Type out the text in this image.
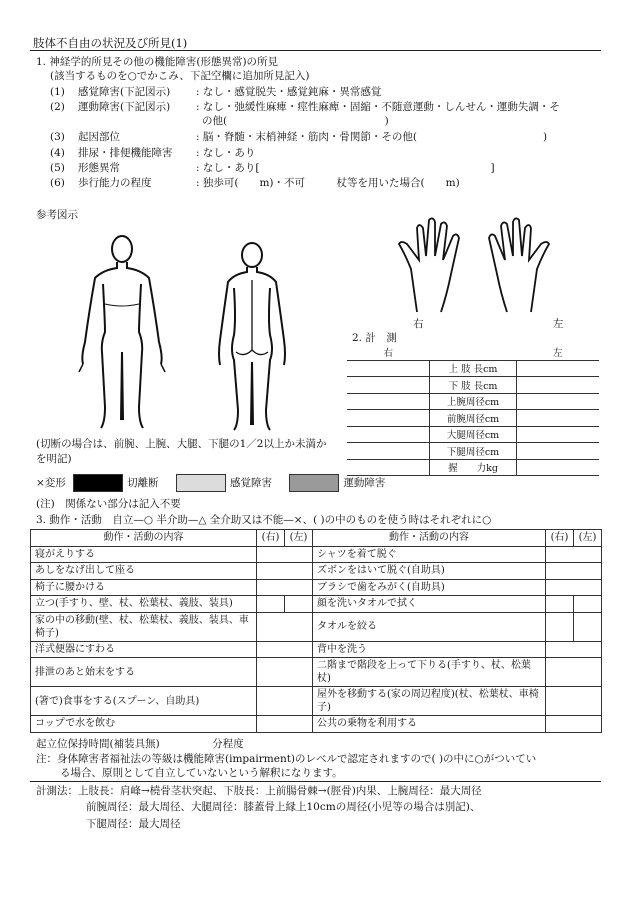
肢体不自由の状況及び所見(1)
1. 神経学的所見その他の機能障害(形態異常)の所見
(該当するものを○でかこみ、下記空欄に追加所見記入)
(1) 感覚障害(下記図示) : なし・感覚脱失・感覚鈍麻・異常感覚
(2) 運動障害(下記図示) : なし・弛緩性麻痺・痙性麻痺・固縮・不随意運動・しんせん・運動失調・そ
の他(　　　　　　　　　　　　　　　)
(3) 起因部位	: 脳・脊髄・末梢神経・筋肉・骨関節・その他(　　　　　　　　　　　　)
(4) 排尿・排便機能障害 : なし・あり
(5) 形態異常	: なし・あり[　　　　　　　　　　　　　　　　　　　　　　]
(6) 歩行能力の程度	: 独歩可(　　m)・不可　　　杖等を用いた場合(　　m)
参考図示
右	左
2. 計　測
右		左
	上 肢 長cm	
	下 肢 長cm	
	上腕周径cm	
	前腕周径cm	
	大腿周径cm	
	下腿周径cm	
	握　　力kg	
(切断の場合は、前腕、上腕、大腿、下腿の1／2以上か未満かを明記)
×変形	切離断	感覚障害	運動障害
(注)　関係ない部分は記入不要
3. 動作・活動　自立—○ 半介助—△ 全介助又は不能—×、( )の中のものを使う時はそれぞれに○
動作・活動の内容	(右)	(左)	動作・活動の内容	(右)	(左)
寝がえりする			シャツを着て脱ぐ		
あしをなげ出して座る			ズボンをはいて脱ぐ(自助具)		
椅子に腰かける			ブラシで歯をみがく(自助具)		
立つ(手すり、壁、杖、松葉杖、義肢、装具)			顔を洗いタオルで拭く		
家の中の移動(壁、杖、松葉杖、義肢、装具、車椅子)			タオルを絞る		
洋式便器にすわる			背中を洗う		
排泄のあと始末をする			二階まで階段を上って下りる(手すり、杖、松葉杖)		
(箸で)食事をする(スプーン、自助具)			屋外を移動する(家の周辺程度)(杖、松葉杖、車椅子)		
コップで水を飲む			公共の乗物を利用する		
起立位保持時間(補装具無)　　　　　分程度
注：身体障害者福祉法の等級は機能障害(impairment)のレベルで認定されますので( )の中に○がついてい
る場合、原則として自立していないという解釈になります。
計測法：上肢長：肩峰→橈骨茎状突起、下肢長：上前腸骨棘→(脛骨)内果、上腕周径：最大周径
前腕周径：最大周径、大腿周径：膝蓋骨上縁上10cmの周径(小児等の場合は別記)、
下腿周径：最大周径
